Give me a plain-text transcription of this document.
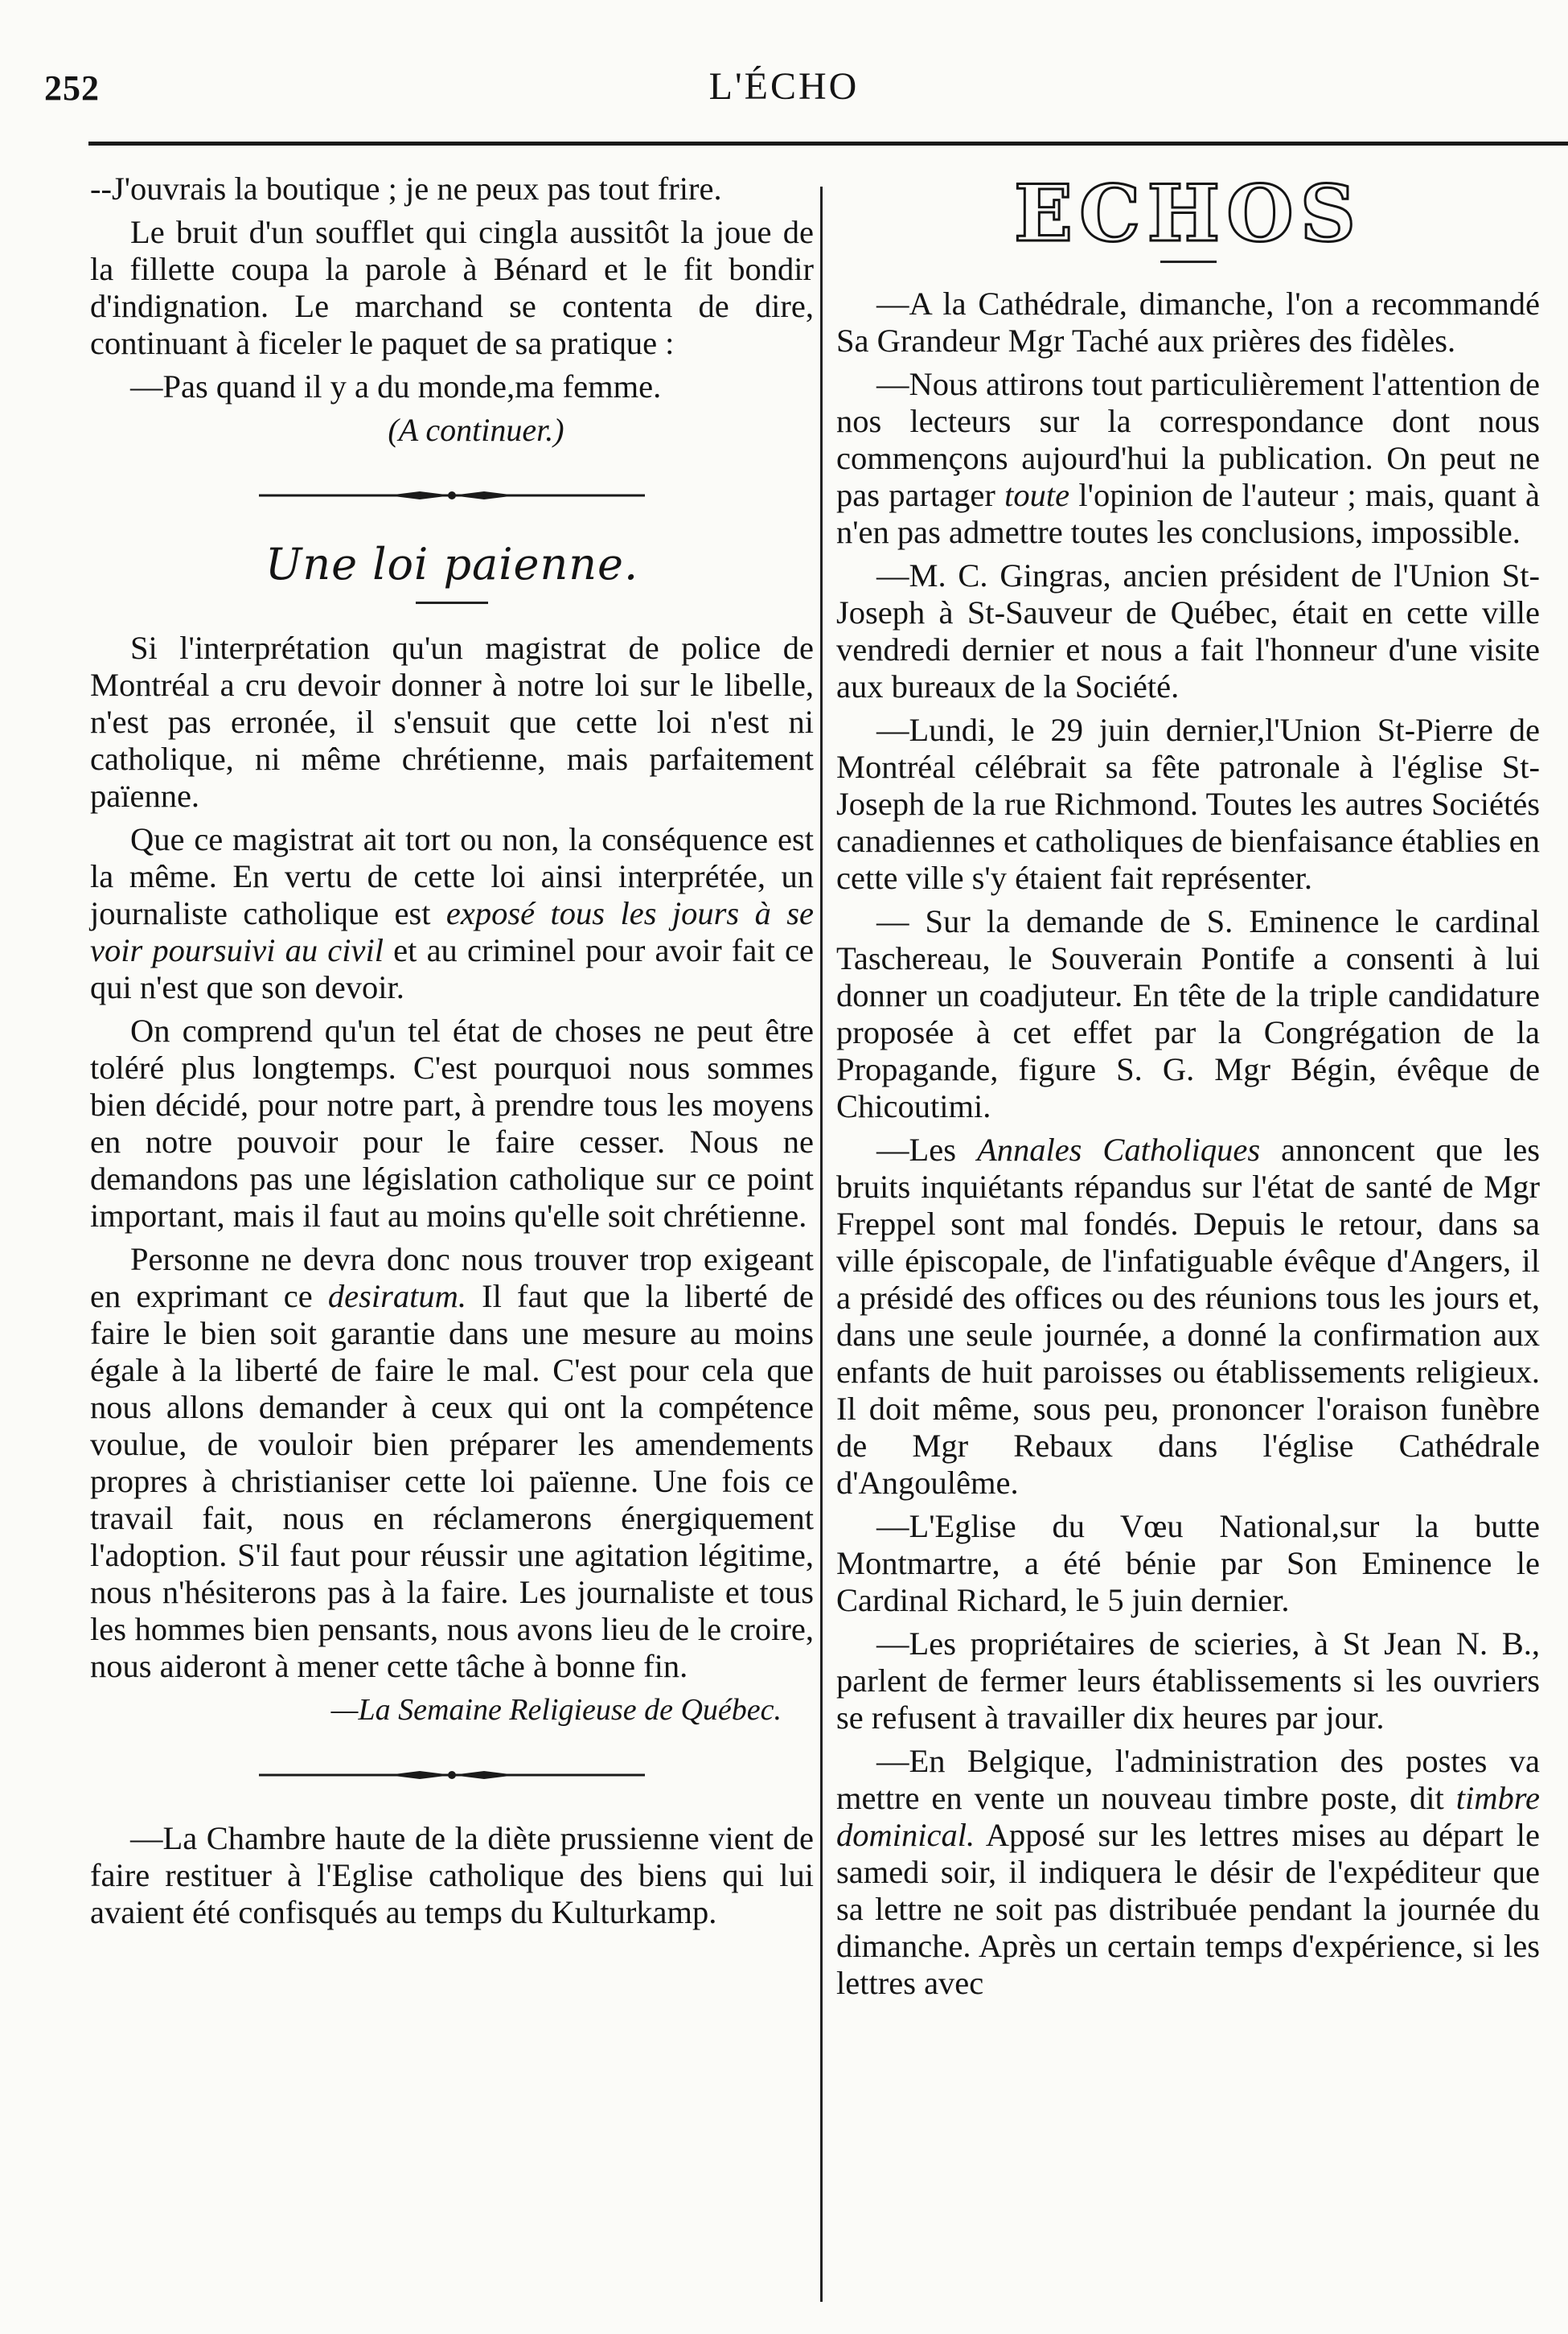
252	L'ÉCHO

--J'ouvrais la boutique ; je ne peux pas tout frire.

Le bruit d'un soufflet qui cingla aussitôt la joue de la fillette coupa la parole à Bénard et le fit bondir d'indignation. Le marchand se contenta de dire, continuant à ficeler le paquet de sa pratique :

—Pas quand il y a du monde,ma femme.

(A continuer.)
Une loi paienne.

Si l'interprétation qu'un magistrat de police de Montréal a cru devoir donner à notre loi sur le libelle, n'est pas erronée, il s'ensuit que cette loi n'est ni catholique, ni même chrétienne, mais parfaitement païenne.

Que ce magistrat ait tort ou non, la conséquence est la même. En vertu de cette loi ainsi interprétée, un journaliste catholique est exposé tous les jours à se voir poursuivi au civil et au criminel pour avoir fait ce qui n'est que son devoir.

On comprend qu'un tel état de choses ne peut être toléré plus longtemps. C'est pourquoi nous sommes bien décidé, pour notre part, à prendre tous les moyens en notre pouvoir pour le faire cesser. Nous ne demandons pas une législation catholique sur ce point important, mais il faut au moins qu'elle soit chrétienne.

Personne ne devra donc nous trouver trop exigeant en exprimant ce desiratum. Il faut que la liberté de faire le bien soit garantie dans une mesure au moins égale à la liberté de faire le mal. C'est pour cela que nous allons demander à ceux qui ont la compétence voulue, de vouloir bien préparer les amendements propres à christianiser cette loi païenne. Une fois ce travail fait, nous en réclamerons énergiquement l'adoption. S'il faut pour réussir une agitation légitime, nous n'hésiterons pas à la faire. Les journaliste et tous les hommes bien pensants, nous avons lieu de le croire, nous aideront à mener cette tâche à bonne fin.

—La Semaine Religieuse de Québec.

—La Chambre haute de la diète prussienne vient de faire restituer à l'Eglise catholique des biens qui lui avaient été confisqués au temps du Kulturkamp.

ECHOS

—A la Cathédrale, dimanche, l'on a recommandé Sa Grandeur Mgr Taché aux prières des fidèles.

—Nous attirons tout particulièrement l'attention de nos lecteurs sur la correspondance dont nous commençons aujourd'hui la publication. On peut ne pas partager toute l'opinion de l'auteur ; mais, quant à n'en pas admettre toutes les conclusions, impossible.

—M. C. Gingras, ancien président de l'Union St-Joseph à St-Sauveur de Québec, était en cette ville vendredi dernier et nous a fait l'honneur d'une visite aux bureaux de la Société.

—Lundi, le 29 juin dernier,l'Union St-Pierre de Montréal célébrait sa fête patronale à l'église St-Joseph de la rue Richmond. Toutes les autres Sociétés canadiennes et catholiques de bienfaisance établies en cette ville s'y étaient fait représenter.

— Sur la demande de S. Eminence le cardinal Taschereau, le Souverain Pontife a consenti à lui donner un coadjuteur. En tête de la triple candidature proposée à cet effet par la Congrégation de la Propagande, figure S. G. Mgr Bégin, évêque de Chicoutimi.

—Les Annales Catholiques annoncent que les bruits inquiétants répandus sur l'état de santé de Mgr Freppel sont mal fondés. Depuis le retour, dans sa ville épiscopale, de l'infatiguable évêque d'Angers, il a présidé des offices ou des réunions tous les jours et, dans une seule journée, a donné la confirmation aux enfants de huit paroisses ou établissements religieux. Il doit même, sous peu, prononcer l'oraison funèbre de Mgr Rebaux dans l'église Cathédrale d'Angoulême.

—L'Eglise du Vœu National,sur la butte Montmartre, a été bénie par Son Eminence le Cardinal Richard, le 5 juin dernier.

—Les propriétaires de scieries, à St Jean N. B., parlent de fermer leurs établissements si les ouvriers se refusent à travailler dix heures par jour.

—En Belgique, l'administration des postes va mettre en vente un nouveau timbre poste, dit timbre dominical. Apposé sur les lettres mises au départ le samedi soir, il indiquera le désir de l'expéditeur que sa lettre ne soit pas distribuée pendant la journée du dimanche. Après un certain temps d'expérience, si les lettres avec
